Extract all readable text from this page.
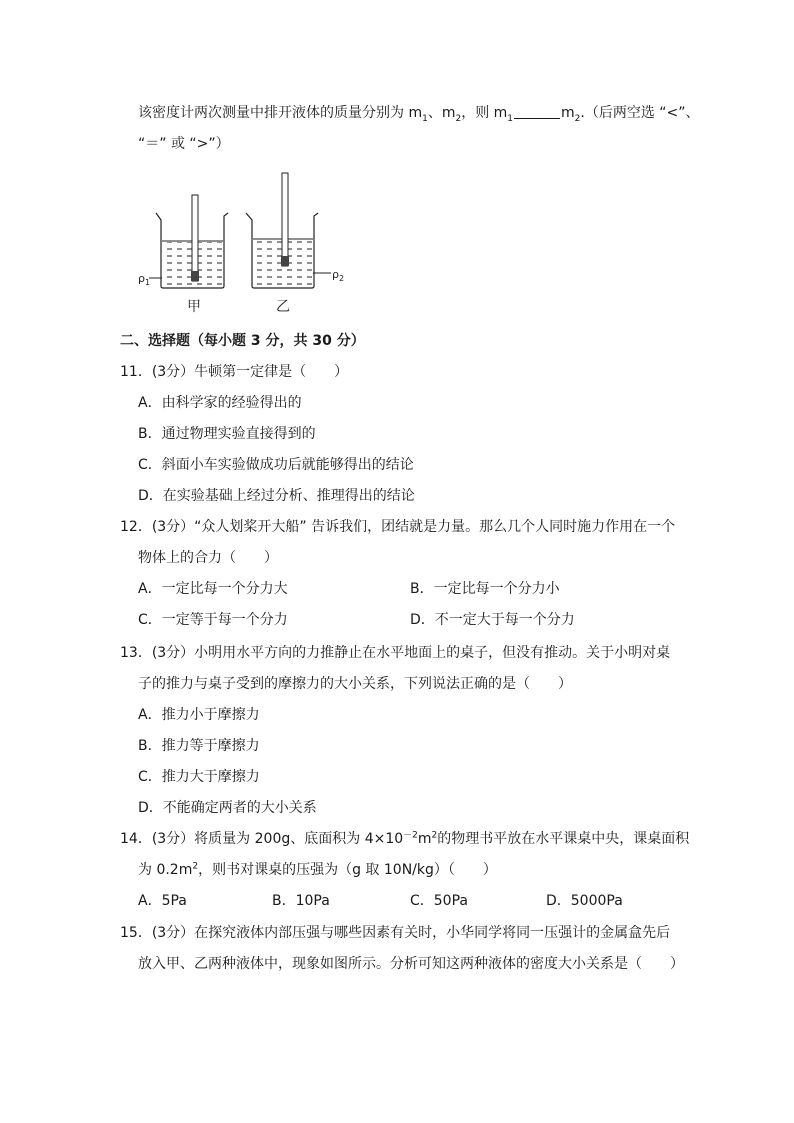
该密度计两次测量中排开液体的质量分别为 $m_1$、$m_2$，则 $m_1$	$m_2$.（后两空选 “<”、
“＝” 或 “>”）
$\rho_1$
甲
$\rho_2$
乙
二、选择题（每小题 3 分，共 30 分）
11．(3分）牛顿第一定律是（　　）
A．由科学家的经验得出的
B．通过物理实验直接得到的
C．斜面小车实验做成功后就能够得出的结论
D．在实验基础上经过分析、推理得出的结论
12．(3分）“众人划桨开大船” 告诉我们，团结就是力量。那么几个人同时施力作用在一个
物体上的合力（　　）
A．一定比每一个分力大	B．一定比每一个分力小
C．一定等于每一个分力	D．不一定大于每一个分力
13．(3分）小明用水平方向的力推静止在水平地面上的桌子，但没有推动。关于小明对桌
子的推力与桌子受到的摩擦力的大小关系，下列说法正确的是（　　）
A．推力小于摩擦力
B．推力等于摩擦力
C．推力大于摩擦力
D．不能确定两者的大小关系
14．(3分）将质量为 200g、底面积为 $4\times 10^{-2}m^2$的物理书平放在水平课桌中央，课桌面积
为 $0.2m^2$，则书对课桌的压强为（g 取 10N/kg）（　　）
A．5Pa	B．10Pa	C．50Pa	D．5000Pa
15．(3分）在探究液体内部压强与哪些因素有关时，小华同学将同一压强计的金属盒先后
放入甲、乙两种液体中，现象如图所示。分析可知这两种液体的密度大小关系是（　　）
